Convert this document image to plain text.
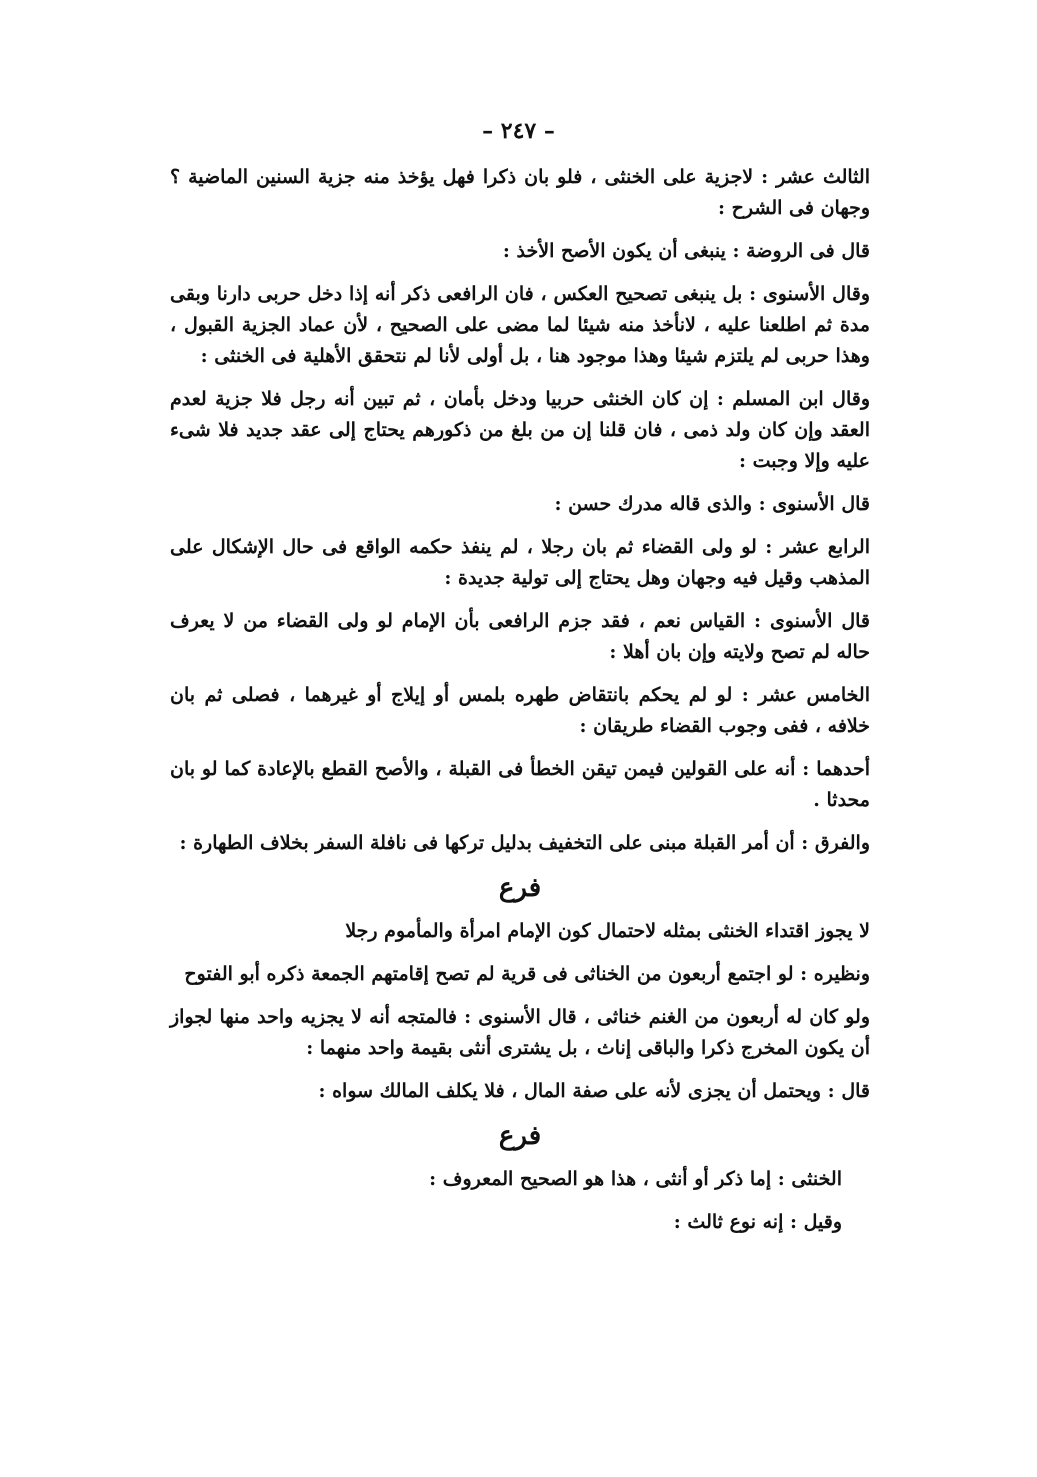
– ٢٤٧ –

الثالث عشر : لاجزية على الخنثى ، فلو بان ذكرا فهل يؤخذ منه جزية السنين الماضية ؟ وجهان فى الشرح :

قال فى الروضة : ينبغى أن يكون الأصح الأخذ :

وقال الأسنوى : بل ينبغى تصحيح العكس ، فان الرافعى ذكر أنه إذا دخل حربى دارنا وبقى مدة ثم اطلعنا عليه ، لانأخذ منه شيئا لما مضى على الصحيح ، لأن عماد الجزية القبول ، وهذا حربى لم يلتزم شيئا وهذا موجود هنا ، بل أولى لأنا لم نتحقق الأهلية فى الخنثى :

وقال ابن المسلم : إن كان الخنثى حربيا ودخل بأمان ، ثم تبين أنه رجل فلا جزية لعدم العقد وإن كان ولد ذمى ، فان قلنا إن من بلغ من ذكورهم يحتاج إلى عقد جديد فلا شىء عليه وإلا وجبت :

قال الأسنوى : والذى قاله مدرك حسن :

الرابع عشر : لو ولى القضاء ثم بان رجلا ، لم ينفذ حكمه الواقع فى حال الإشكال على المذهب وقيل فيه وجهان وهل يحتاج إلى تولية جديدة :

قال الأسنوى : القياس نعم ، فقد جزم الرافعى بأن الإمام لو ولى القضاء من لا يعرف حاله لم تصح ولايته وإن بان أهلا :

الخامس عشر : لو لم يحكم بانتقاض طهره بلمس أو إيلاج أو غيرهما ، فصلى ثم بان خلافه ، ففى وجوب القضاء طريقان :

أحدهما : أنه على القولين فيمن تيقن الخطأ فى القبلة ، والأصح القطع بالإعادة كما لو بان محدثا .

والفرق : أن أمر القبلة مبنى على التخفيف بدليل تركها فى نافلة السفر بخلاف الطهارة :

فرع

لا يجوز اقتداء الخنثى بمثله لاحتمال كون الإمام امرأة والمأموم رجلا

ونظيره : لو اجتمع أربعون من الخناثى فى قرية لم تصح إقامتهم الجمعة ذكره أبو الفتوح

ولو كان له أربعون من الغنم خناثى ، قال الأسنوى : فالمتجه أنه لا يجزيه واحد منها لجواز أن يكون المخرج ذكرا والباقى إناث ، بل يشترى أنثى بقيمة واحد منهما :

قال : ويحتمل أن يجزى لأنه على صفة المال ، فلا يكلف المالك سواه :

فرع

الخنثى : إما ذكر أو أنثى ، هذا هو الصحيح المعروف :

وقيل : إنه نوع ثالث :
